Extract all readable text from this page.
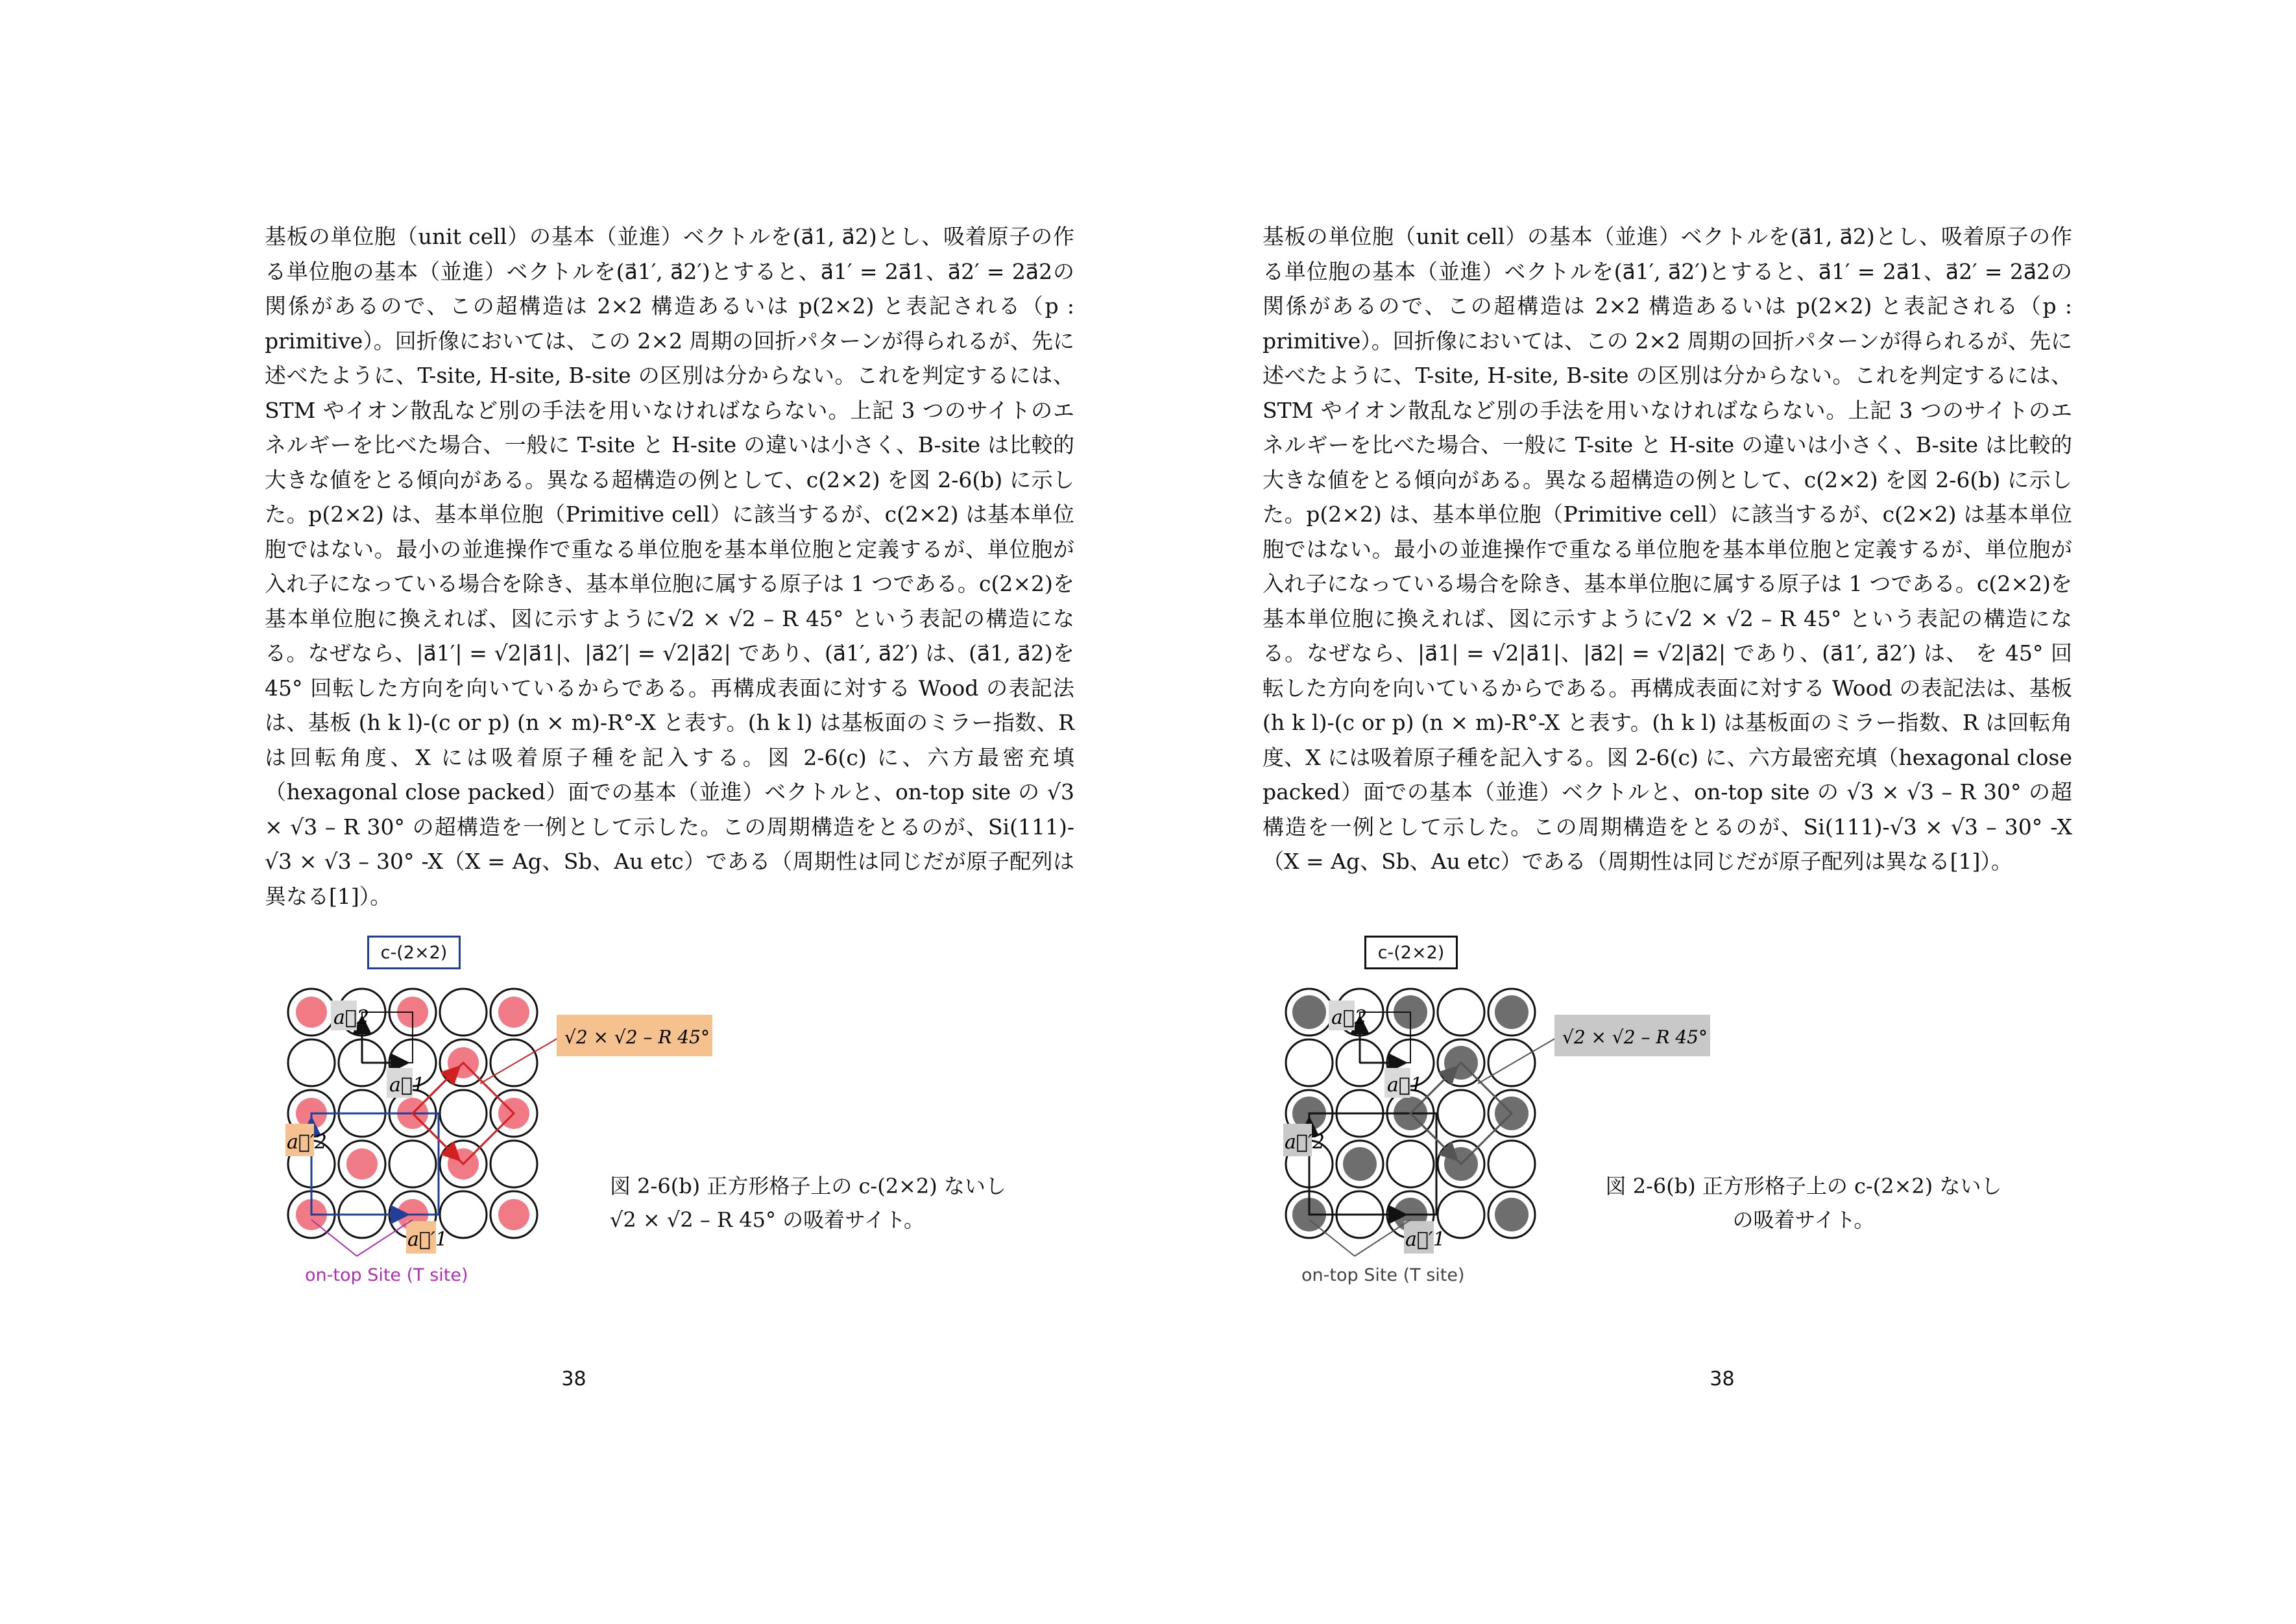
基板の単位胞（unit cell）の基本（並進）ベクトルを(a⃗1, a⃗2)とし、吸着原子の作る単位胞の基本（並進）ベクトルを(a⃗1′, a⃗2′)とすると、a⃗1′ = 2a⃗1、a⃗2′ = 2a⃗2の関係があるので、この超構造は 2×2 構造あるいは p(2×2) と表記される（p : primitive）。回折像においては、この 2×2 周期の回折パターンが得られるが、先に述べたように、T-site, H-site, B-site の区別は分からない。これを判定するには、STM やイオン散乱など別の手法を用いなければならない。上記 3 つのサイトのエネルギーを比べた場合、一般に T-site と H-site の違いは小さく、B-site は比較的大きな値をとる傾向がある。異なる超構造の例として、c(2×2) を図 2-6(b) に示した。p(2×2) は、基本単位胞（Primitive cell）に該当するが、c(2×2) は基本単位胞ではない。最小の並進操作で重なる単位胞を基本単位胞と定義するが、単位胞が入れ子になっている場合を除き、基本単位胞に属する原子は 1 つである。c(2×2)を基本単位胞に換えれば、図に示すように√2 × √2 – R 45° という表記の構造になる。なぜなら、|a⃗1′| = √2|a⃗1|、|a⃗2′| = √2|a⃗2| であり、(a⃗1′, a⃗2′) は、(a⃗1, a⃗2)を 45° 回転した方向を向いているからである。再構成表面に対する Wood の表記法は、基板 (h k l)-(c or p) (n × m)-R°-X と表す。(h k l) は基板面のミラー指数、R は回転角度、X には吸着原子種を記入する。図 2-6(c) に、六方最密充填（hexagonal close packed）面での基本（並進）ベクトルと、on-top site の √3 × √3 – R 30° の超構造を一例として示した。この周期構造をとるのが、Si(111)-√3 × √3 – 30° -X（X = Ag、Sb、Au etc）である（周期性は同じだが原子配列は異なる[1]）。

c-(2×2)
a⃗2
a⃗1
a⃗′2
a⃗′1
√2 × √2 – R 45°
図 2-6(b) 正方形格子上の c-(2×2) ないし
√2 × √2 – R 45° の吸着サイト。
on-top Site (T site)
38

基板の単位胞（unit cell）の基本（並進）ベクトルを(a⃗1, a⃗2)とし、吸着原子の作る単位胞の基本（並進）ベクトルを(a⃗1′, a⃗2′)とすると、a⃗1′ = 2a⃗1、a⃗2′ = 2a⃗2の関係があるので、この超構造は 2×2 構造あるいは p(2×2) と表記される（p : primitive）。回折像においては、この 2×2 周期の回折パターンが得られるが、先に述べたように、T-site, H-site, B-site の区別は分からない。これを判定するには、STM やイオン散乱など別の手法を用いなければならない。上記 3 つのサイトのエネルギーを比べた場合、一般に T-site と H-site の違いは小さく、B-site は比較的大きな値をとる傾向がある。異なる超構造の例として、c(2×2) を図 2-6(b) に示した。p(2×2) は、基本単位胞（Primitive cell）に該当するが、c(2×2) は基本単位胞ではない。最小の並進操作で重なる単位胞を基本単位胞と定義するが、単位胞が入れ子になっている場合を除き、基本単位胞に属する原子は 1 つである。c(2×2)を基本単位胞に換えれば、図に示すように√2 × √2 – R 45° という表記の構造になる。なぜなら、|a⃗1| = √2|a⃗1|、|a⃗2| = √2|a⃗2| であり、(a⃗1′, a⃗2′) は、 を 45° 回転した方向を向いているからである。再構成表面に対する Wood の表記法は、基板 (h k l)-(c or p) (n × m)-R°-X と表す。(h k l) は基板面のミラー指数、R は回転角度、X には吸着原子種を記入する。図 2-6(c) に、六方最密充填（hexagonal close packed）面での基本（並進）ベクトルと、on-top site の √3 × √3 – R 30° の超構造を一例として示した。この周期構造をとるのが、Si(111)-√3 × √3 – 30° -X（X = Ag、Sb、Au etc）である（周期性は同じだが原子配列は異なる[1]）。

c-(2×2)
a⃗2
a⃗1
a⃗′2
a⃗′1
√2 × √2 – R 45°
図 2-6(b) 正方形格子上の c-(2×2) ないし
の吸着サイト。
on-top Site (T site)
38
